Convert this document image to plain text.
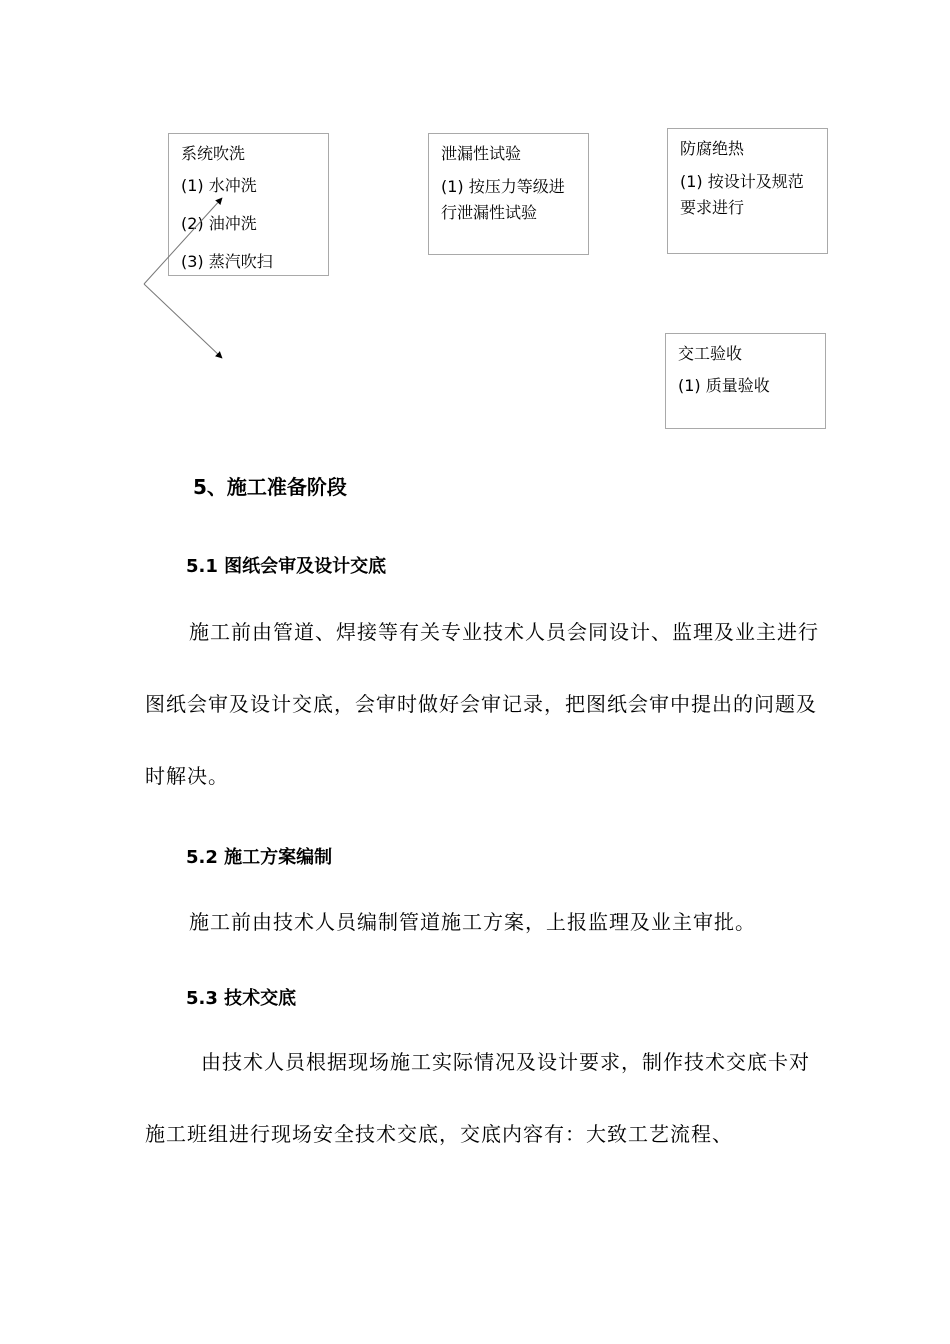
系统吹洗
(1) 水冲洗
(2) 油冲洗
(3) 蒸汽吹扫
泄漏性试验
(1) 按压力等级进行泄漏性试验
防腐绝热
(1) 按设计及规范要求进行
交工验收
(1) 质量验收
5、施工准备阶段
5.1 图纸会审及设计交底
施工前由管道、焊接等有关专业技术人员会同设计、监理及业主进行图纸会审及设计交底，会审时做好会审记录，把图纸会审中提出的问题及时解决。
5.2 施工方案编制
施工前由技术人员编制管道施工方案，上报监理及业主审批。
5.3 技术交底
由技术人员根据现场施工实际情况及设计要求，制作技术交底卡对施工班组进行现场安全技术交底，交底内容有：大致工艺流程、
